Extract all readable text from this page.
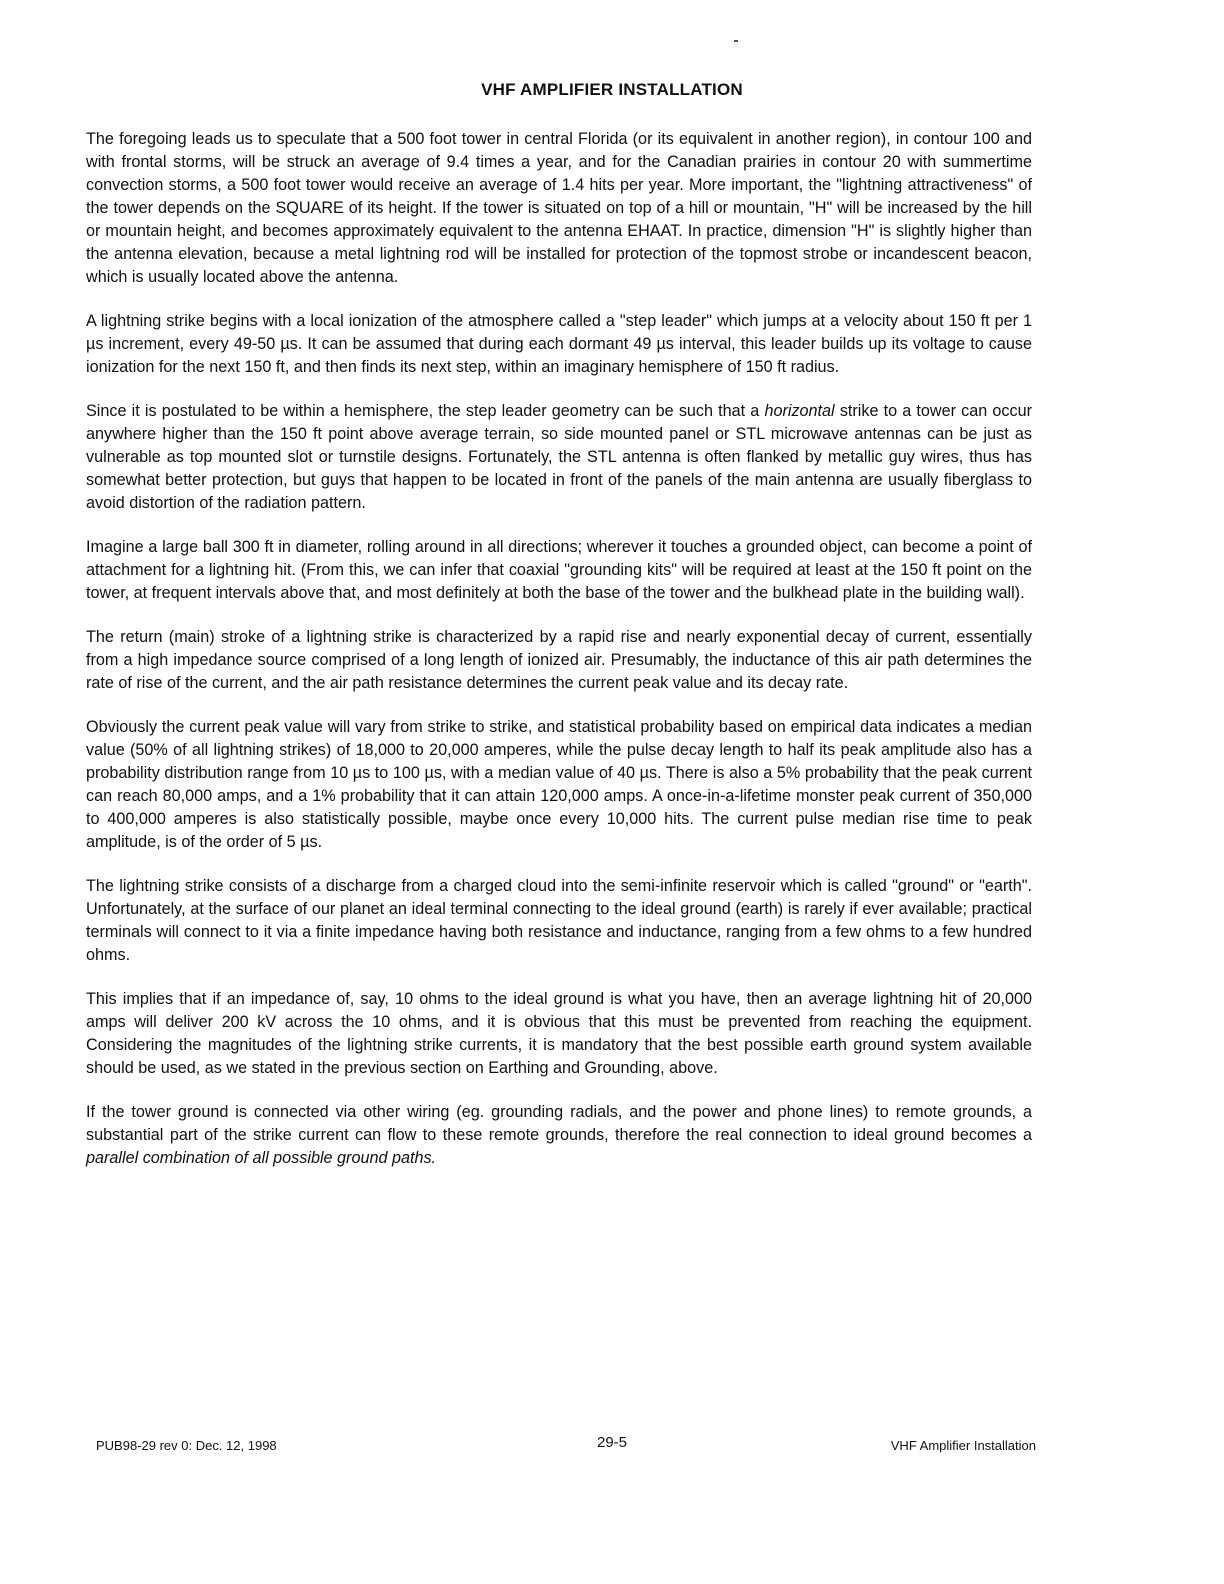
VHF AMPLIFIER INSTALLATION

The foregoing leads us to speculate that a 500 foot tower in central Florida (or its equivalent in another region), in contour 100 and with frontal storms, will be struck an average of 9.4 times a year, and for the Canadian prairies in contour 20 with summertime convection storms, a 500 foot tower would receive an average of 1.4 hits per year. More important, the "lightning attractiveness" of the tower depends on the SQUARE of its height. If the tower is situated on top of a hill or mountain, "H" will be increased by the hill or mountain height, and becomes approximately equivalent to the antenna EHAAT. In practice, dimension "H" is slightly higher than the antenna elevation, because a metal lightning rod will be installed for protection of the topmost strobe or incandescent beacon, which is usually located above the antenna.

A lightning strike begins with a local ionization of the atmosphere called a "step leader" which jumps at a velocity about 150 ft per 1 µs increment, every 49-50 µs. It can be assumed that during each dormant 49 µs interval, this leader builds up its voltage to cause ionization for the next 150 ft, and then finds its next step, within an imaginary hemisphere of 150 ft radius.

Since it is postulated to be within a hemisphere, the step leader geometry can be such that a horizontal strike to a tower can occur anywhere higher than the 150 ft point above average terrain, so side mounted panel or STL microwave antennas can be just as vulnerable as top mounted slot or turnstile designs. Fortunately, the STL antenna is often flanked by metallic guy wires, thus has somewhat better protection, but guys that happen to be located in front of the panels of the main antenna are usually fiberglass to avoid distortion of the radiation pattern.

Imagine a large ball 300 ft in diameter, rolling around in all directions; wherever it touches a grounded object, can become a point of attachment for a lightning hit. (From this, we can infer that coaxial "grounding kits" will be required at least at the 150 ft point on the tower, at frequent intervals above that, and most definitely at both the base of the tower and the bulkhead plate in the building wall).

The return (main) stroke of a lightning strike is characterized by a rapid rise and nearly exponential decay of current, essentially from a high impedance source comprised of a long length of ionized air. Presumably, the inductance of this air path determines the rate of rise of the current, and the air path resistance determines the current peak value and its decay rate.

Obviously the current peak value will vary from strike to strike, and statistical probability based on empirical data indicates a median value (50% of all lightning strikes) of 18,000 to 20,000 amperes, while the pulse decay length to half its peak amplitude also has a probability distribution range from 10 µs to 100 µs, with a median value of 40 µs. There is also a 5% probability that the peak current can reach 80,000 amps, and a 1% probability that it can attain 120,000 amps. A once-in-a-lifetime monster peak current of 350,000 to 400,000 amperes is also statistically possible, maybe once every 10,000 hits. The current pulse median rise time to peak amplitude, is of the order of 5 µs.

The lightning strike consists of a discharge from a charged cloud into the semi-infinite reservoir which is called "ground" or "earth". Unfortunately, at the surface of our planet an ideal terminal connecting to the ideal ground (earth) is rarely if ever available; practical terminals will connect to it via a finite impedance having both resistance and inductance, ranging from a few ohms to a few hundred ohms.

This implies that if an impedance of, say, 10 ohms to the ideal ground is what you have, then an average lightning hit of 20,000 amps will deliver 200 kV across the 10 ohms, and it is obvious that this must be prevented from reaching the equipment. Considering the magnitudes of the lightning strike currents, it is mandatory that the best possible earth ground system available should be used, as we stated in the previous section on Earthing and Grounding, above.

If the tower ground is connected via other wiring (eg. grounding radials, and the power and phone lines) to remote grounds, a substantial part of the strike current can flow to these remote grounds, therefore the real connection to ideal ground becomes a parallel combination of all possible ground paths.

PUB98-29 rev 0: Dec. 12, 1998	29-5	VHF Amplifier Installation
